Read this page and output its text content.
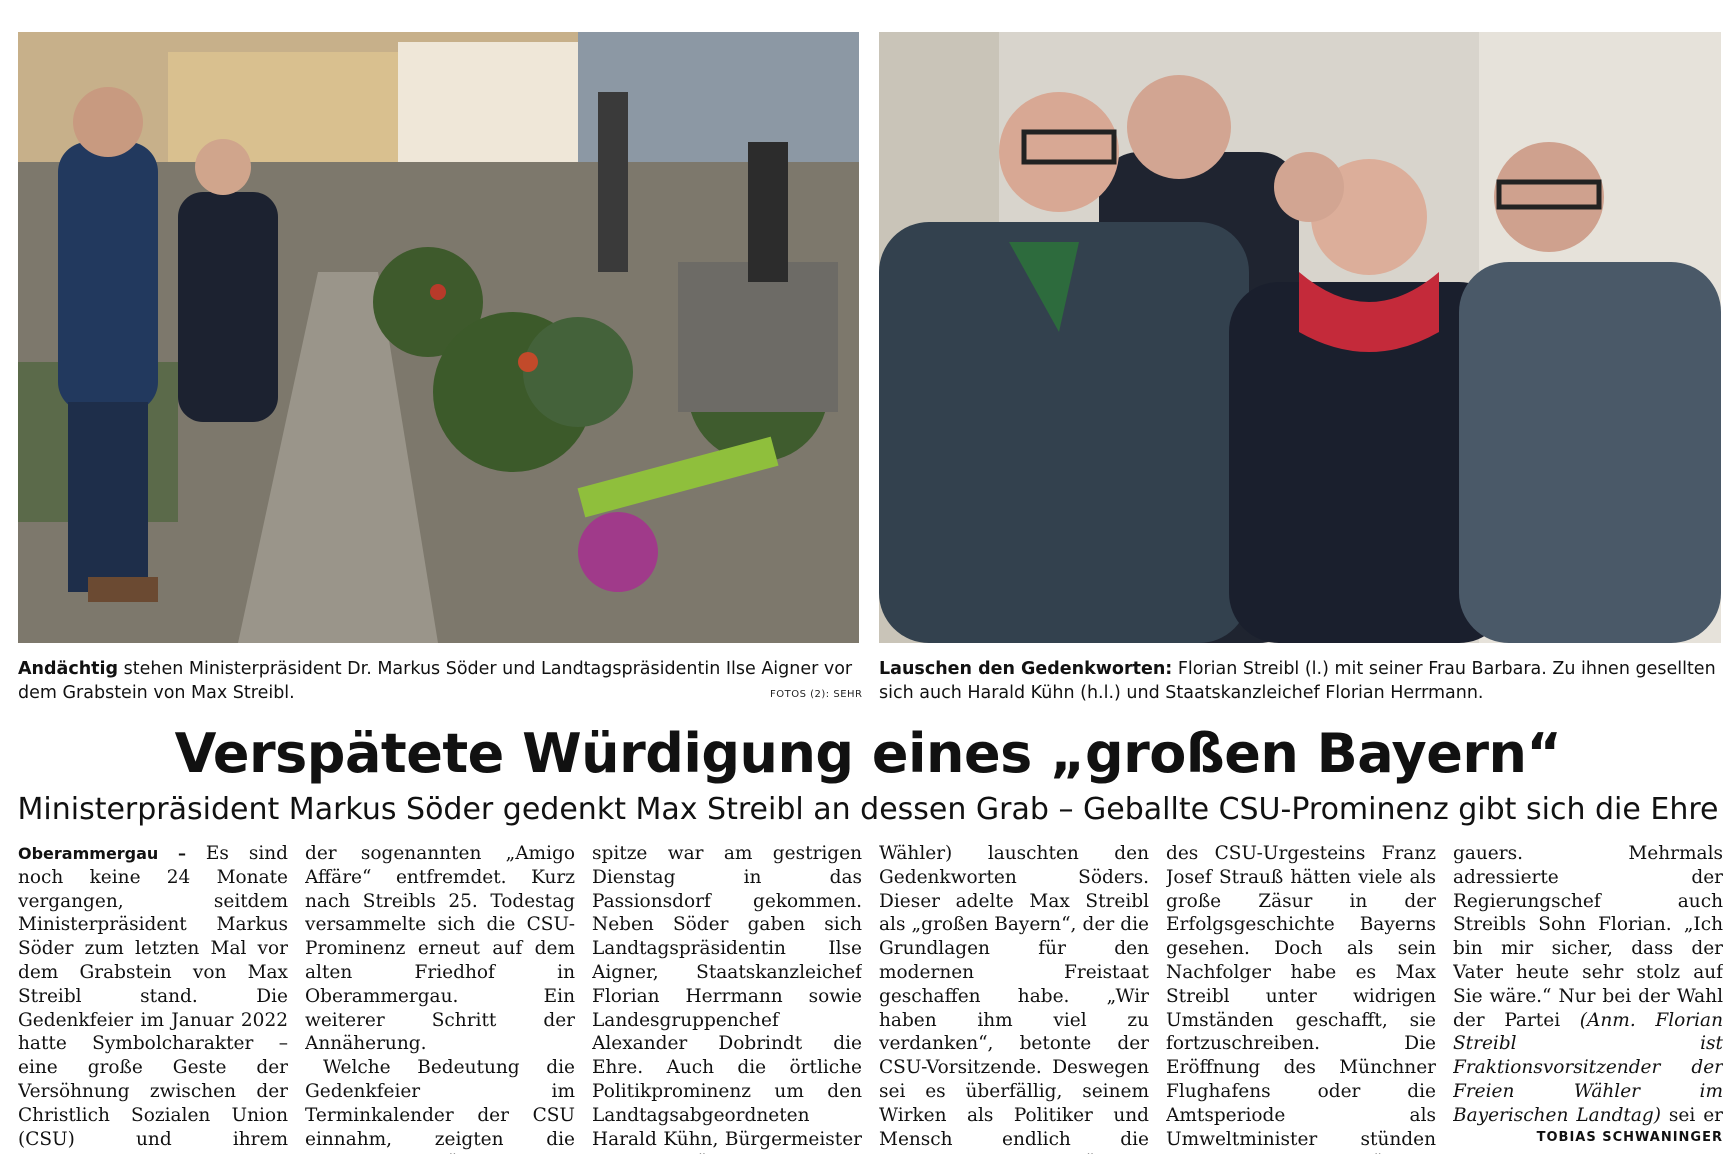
Andächtig stehen Ministerpräsident Dr. Markus Söder und Landtagspräsidentin Ilse Aigner vor dem Grabstein von Max Streibl.	FOTOS (2): SEHR
Lauschen den Gedenkworten: Florian Streibl (l.) mit seiner Frau Barbara. Zu ihnen gesellten sich auch Harald Kühn (h.l.) und Staatskanzleichef Florian Herrmann.
Verspätete Würdigung eines „großen Bayern“
Ministerpräsident Markus Söder gedenkt Max Streibl an dessen Grab – Geballte CSU-Prominenz gibt sich die Ehre

Oberammergau – Es sind noch keine 24 Monate vergangen, seitdem Ministerpräsident Markus Söder zum letzten Mal vor dem Grabstein von Max Streibl stand. Die Gedenkfeier im Januar 2022 hatte Symbolcharakter – eine große Geste der Versöhnung zwischen der Christlich Sozialen Union (CSU) und ihrem

der sogenannten „Amigo Affäre“ entfremdet. Kurz nach Streibls 25. Todestag versammelte sich die CSU-Prominenz erneut auf dem alten Friedhof in Oberammergau. Ein weiterer Schritt der Annäherung.

Welche Bedeutung die Gedenkfeier im Terminkalender der CSU einnahm, zeigten die

spitze war am gestrigen Dienstag in das Passionsdorf gekommen. Neben Söder gaben sich Landtagspräsidentin Ilse Aigner, Staatskanzleichef Florian Herrmann sowie Landesgruppenchef Alexander Dobrindt die Ehre. Auch die örtliche Politikprominenz um den Landtagsabgeordneten Harald Kühn, Bürgermeister

Wähler) lauschten den Gedenkworten Söders. Dieser adelte Max Streibl als „großen Bayern“, der die Grundlagen für den modernen Freistaat geschaffen habe. „Wir haben ihm viel zu verdanken“, betonte der CSU-Vorsitzende. Deswegen sei es überfällig, seinem Wirken als Politiker und Mensch endlich die

des CSU-Urgesteins Franz Josef Strauß hätten viele als große Zäsur in der Erfolgsgeschichte Bayerns gesehen. Doch als sein Nachfolger habe es Max Streibl unter widrigen Umständen geschafft, sie fortzuschreiben. Die Eröffnung des Münchner Flughafens oder die Amtsperiode als Umweltminister stünden

gauers. Mehrmals adressierte der Regierungschef auch Streibls Sohn Florian. „Ich bin mir sicher, dass der Vater heute sehr stolz auf Sie wäre.“ Nur bei der Wahl der Partei (Anm. Florian Streibl ist Fraktionsvorsitzender der Freien Wähler im Bayerischen Landtag) sei er

TOBIAS SCHWANINGER
